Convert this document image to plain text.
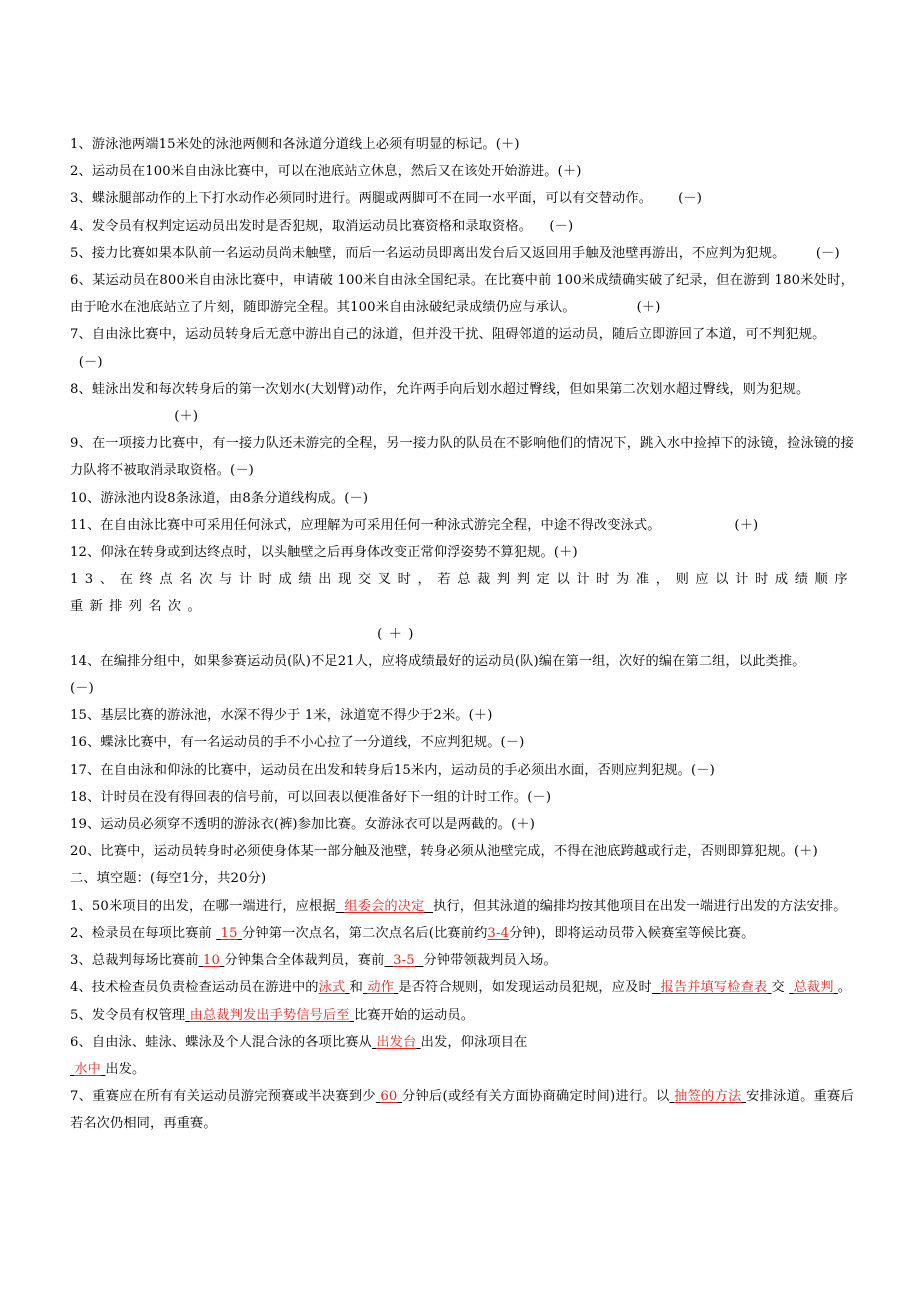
1、游泳池两端15米处的泳池两侧和各泳道分道线上必须有明显的标记。(＋)

2、运动员在100米自由泳比赛中，可以在池底站立休息，然后又在该处开始游进。(＋)

3、蝶泳腿部动作的上下打水动作必须同时进行。两腿或两脚可不在同一水平面，可以有交替动作。 (－)

4、发令员有权判定运动员出发时是否犯规，取消运动员比赛资格和录取资格。 (－)

5、接力比赛如果本队前一名运动员尚未触壁，而后一名运动员即离出发台后又返回用手触及池壁再游出，不应判为犯规。 (－)

6、某运动员在800米自由泳比赛中，申请破 100米自由泳全国纪录。在比赛中前 100米成绩确实破了纪录，但在游到 180米处时，由于呛水在池底站立了片刻，随即游完全程。其100米自由泳破纪录成绩仍应与承认。	(＋)

7、自由泳比赛中，运动员转身后无意中游出自己的泳道，但并没干扰、阻碍邻道的运动员，随后立即游回了本道，可不判犯规。
(－)

8、蛙泳出发和每次转身后的第一次划水(大划臂)动作，允许两手向后划水超过臀线，但如果第二次划水超过臀线，则为犯规。
(＋)

9、在一项接力比赛中，有一接力队还未游完的全程，另一接力队的队员在不影响他们的情况下，跳入水中捡掉下的泳镜，捡泳镜的接力队将不被取消录取资格。(－)

10、游泳池内设8条泳道，由8条分道线构成。(－)

11、在自由泳比赛中可采用任何泳式，应理解为可采用任何一种泳式游完全程，中途不得改变泳式。	(＋)

12、仰泳在转身或到达终点时，以头触壁之后再身体改变正常仰浮姿势不算犯规。(＋)

13、在终点名次与计时成绩出现交叉时，若总裁判判定以计时为准，则应以计时成绩顺序重新排列名次。
(＋)

14、在编排分组中，如果参赛运动员(队)不足21人，应将成绩最好的运动员(队)编在第一组，次好的编在第二组，以此类推。
(－)

15、基层比赛的游泳池，水深不得少于 1米，泳道宽不得少于2米。(＋)

16、蝶泳比赛中，有一名运动员的手不小心拉了一分道线，不应判犯规。(－)

17、在自由泳和仰泳的比赛中，运动员在出发和转身后15米内，运动员的手必须出水面，否则应判犯规。(－)

18、计时员在没有得回表的信号前，可以回表以便准备好下一组的计时工作。(－)

19、运动员必须穿不透明的游泳衣(裤)参加比赛。女游泳衣可以是两截的。(＋)

20、比赛中，运动员转身时必须使身体某一部分触及池壁，转身必须从池壁完成，不得在池底跨越或行走，否则即算犯规。(＋)

二、填空题：(每空1分，共20分)

1、50米项目的出发，在哪一端进行，应根据 组委会的决定 执行，但其泳道的编排均按其他项目在出发一端进行出发的方法安排。

2、检录员在每项比赛前 15 分钟第一次点名，第二次点名后(比赛前约3-4分钟)，即将运动员带入候赛室等候比赛。

3、总裁判每场比赛前 10 分钟集合全体裁判员，赛前 3-5 分钟带领裁判员入场。

4、技术检查员负责检查运动员在游进中的泳式 和 动作 是否符合规则，如发现运动员犯规，应及时 报告并填写检查表 交 总裁判 。

5、发令员有权管理 由总裁判发出手势信号后至 比赛开始的运动员。

6、自由泳、蛙泳、蝶泳及个人混合泳的各项比赛从 出发台 出发，仰泳项目在
水中 出发。

7、重赛应在所有有关运动员游完预赛或半决赛到少 60 分钟后(或经有关方面协商确定时间)进行。以 抽签的方法 安排泳道。重赛后若名次仍相同，再重赛。
